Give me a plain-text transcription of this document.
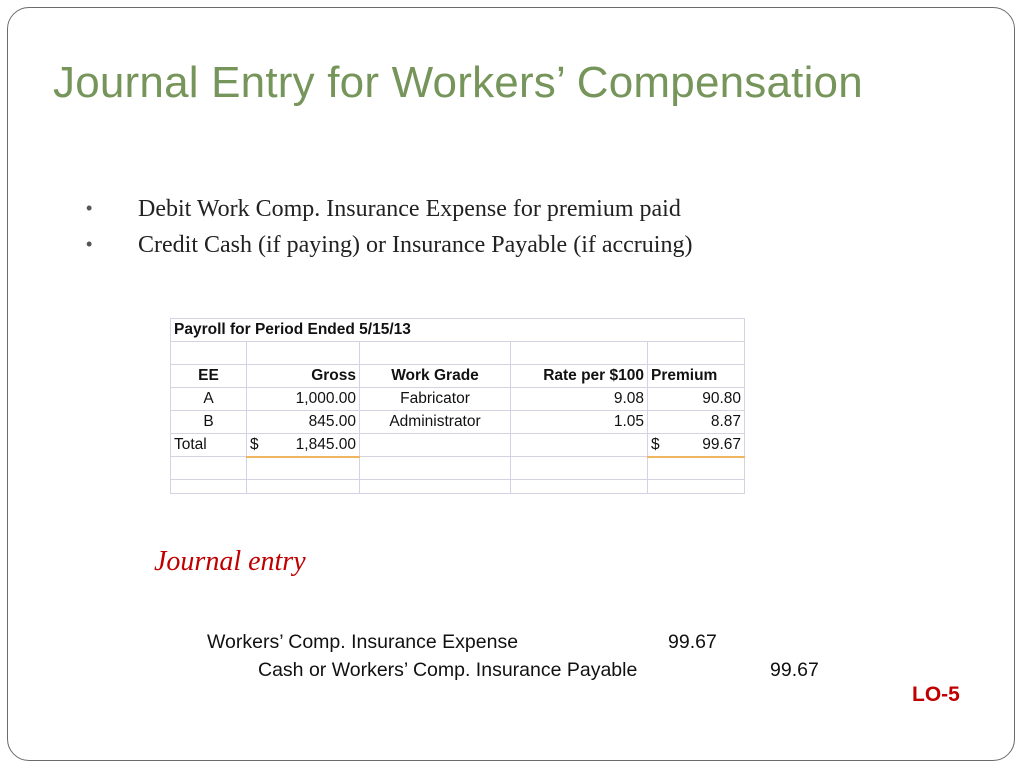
Journal Entry for Workers’ Compensation
• Debit Work Comp. Insurance Expense for premium paid
• Credit Cash (if paying) or Insurance Payable (if accruing)
Payroll for Period Ended 5/15/13				

EE	Gross	Work Grade	Rate per $100	Premium
A	1,000.00	Fabricator	9.08	90.80
B	845.00	Administrator	1.05	8.87
Total	$ 1,845.00			$ 99.67

Journal entry
Workers’ Comp. Insurance Expense	99.67
Cash or Workers’ Comp. Insurance Payable	99.67
LO-5
